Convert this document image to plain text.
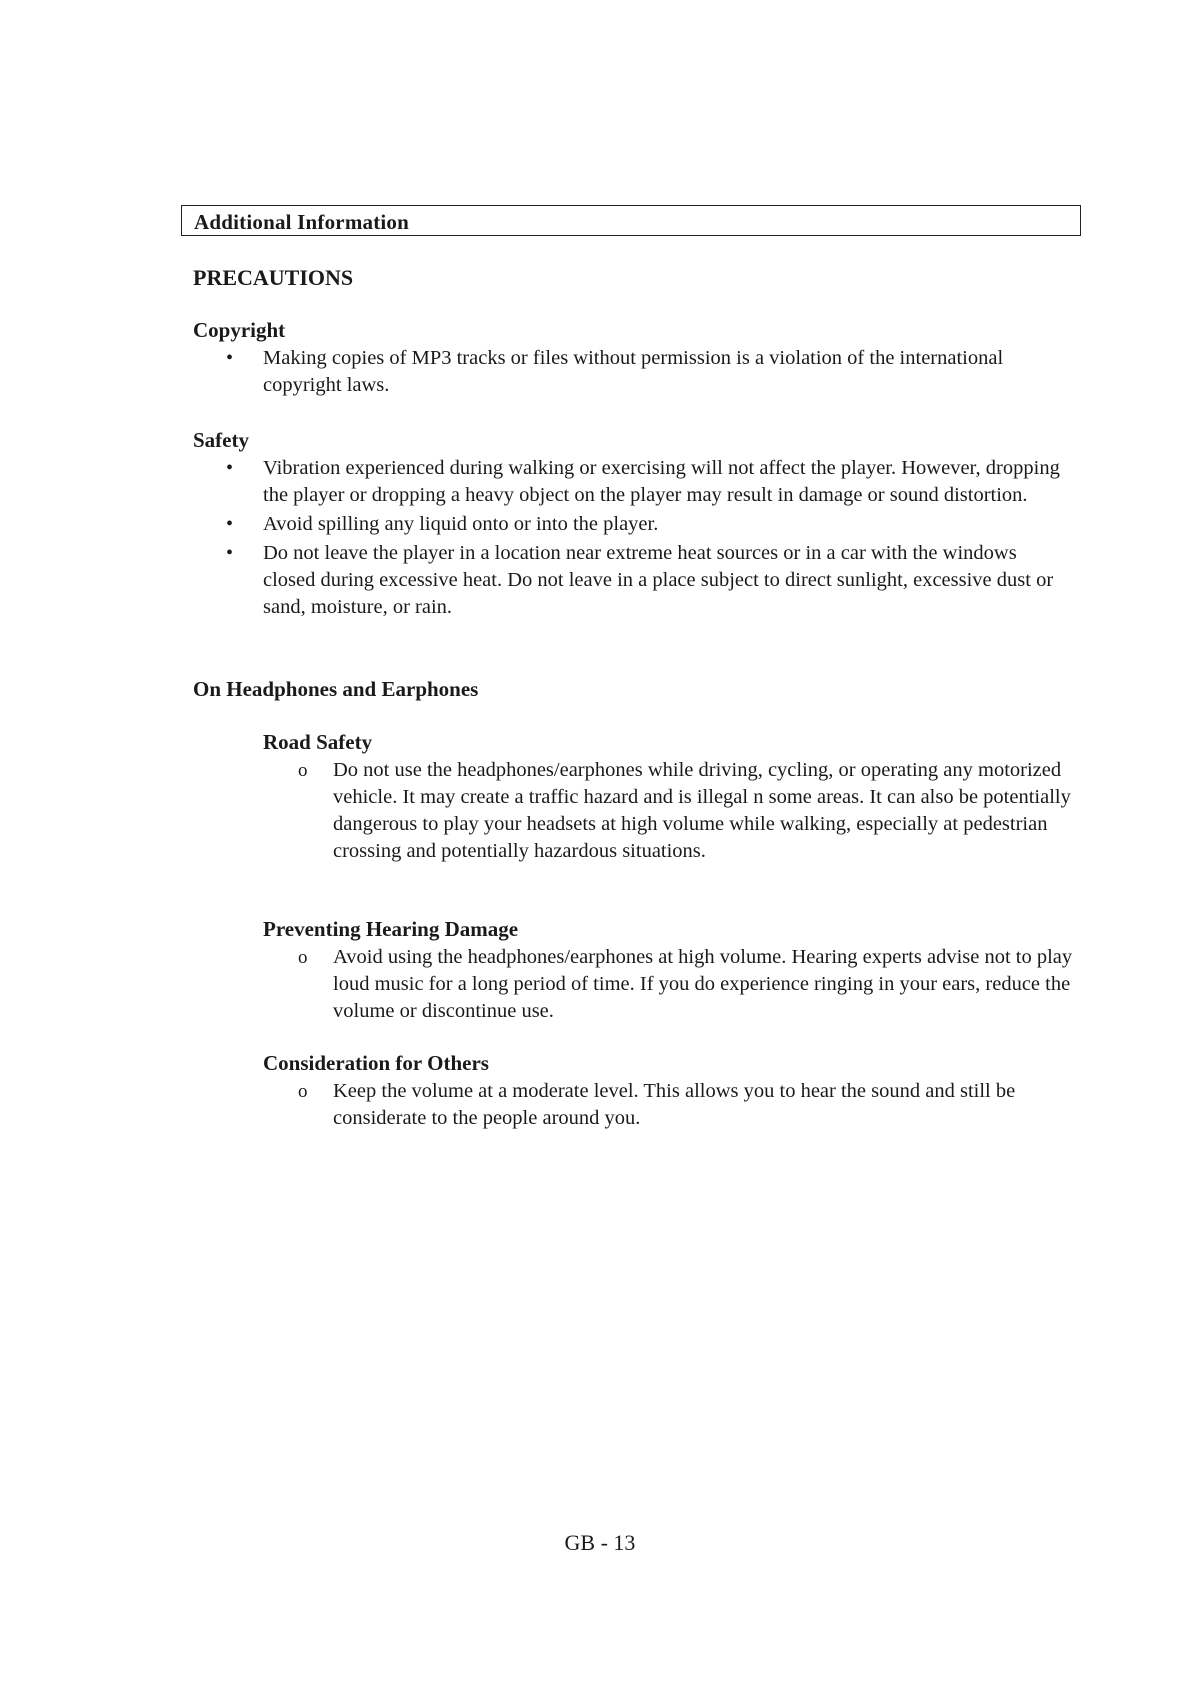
Additional Information
PRECAUTIONS
Copyright
• Making copies of MP3 tracks or files without permission is a violation of the international copyright laws.
Safety
• Vibration experienced during walking or exercising will not affect the player. However, dropping the player or dropping a heavy object on the player may result in damage or sound distortion.
• Avoid spilling any liquid onto or into the player.
• Do not leave the player in a location near extreme heat sources or in a car with the windows closed during excessive heat. Do not leave in a place subject to direct sunlight, excessive dust or sand, moisture, or rain.
On Headphones and Earphones
Road Safety
o Do not use the headphones/earphones while driving, cycling, or operating any motorized vehicle. It may create a traffic hazard and is illegal n some areas. It can also be potentially dangerous to play your headsets at high volume while walking, especially at pedestrian crossing and potentially hazardous situations.
Preventing Hearing Damage
o Avoid using the headphones/earphones at high volume. Hearing experts advise not to play loud music for a long period of time. If you do experience ringing in your ears, reduce the volume or discontinue use.
Consideration for Others
o Keep the volume at a moderate level. This allows you to hear the sound and still be considerate to the people around you.
GB - 13
